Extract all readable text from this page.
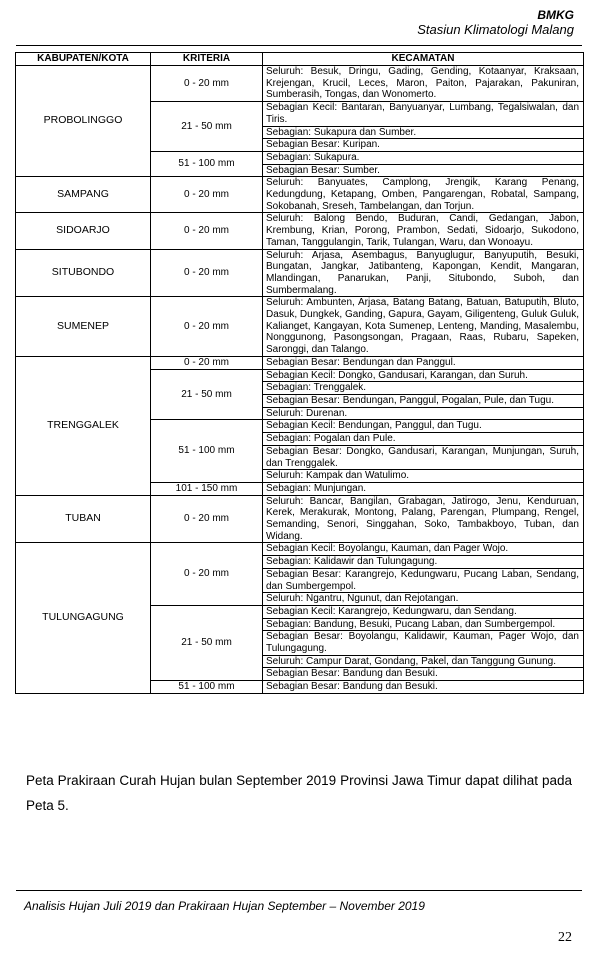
BMKG
Stasiun Klimatologi Malang
KABUPATEN/KOTA	KRITERIA	KECAMATAN
PROBOLINGGO	0 - 20 mm	Seluruh: Besuk, Dringu, Gading, Gending, Kotaanyar, Kraksaan, Krejengan, Krucil, Leces, Maron, Paiton, Pajarakan, Pakuniran, Sumberasih, Tongas, dan Wonomerto.
	21 - 50 mm	Sebagian Kecil: Bantaran, Banyuanyar, Lumbang, Tegalsiwalan, dan Tiris.
		Sebagian: Sukapura dan Sumber.
		Sebagian Besar: Kuripan.
	51 - 100 mm	Sebagian: Sukapura.
		Sebagian Besar: Sumber.
SAMPANG	0 - 20 mm	Seluruh: Banyuates, Camplong, Jrengik, Karang Penang, Kedungdung, Ketapang, Omben, Pangarengan, Robatal, Sampang, Sokobanah, Sreseh, Tambelangan, dan Torjun.
SIDOARJO	0 - 20 mm	Seluruh: Balong Bendo, Buduran, Candi, Gedangan, Jabon, Krembung, Krian, Porong, Prambon, Sedati, Sidoarjo, Sukodono, Taman, Tanggulangin, Tarik, Tulangan, Waru, dan Wonoayu.
SITUBONDO	0 - 20 mm	Seluruh: Arjasa, Asembagus, Banyuglugur, Banyuputih, Besuki, Bungatan, Jangkar, Jatibanteng, Kapongan, Kendit, Mangaran, Mlandingan, Panarukan, Panji, Situbondo, Suboh, dan Sumbermalang.
SUMENEP	0 - 20 mm	Seluruh: Ambunten, Arjasa, Batang Batang, Batuan, Batuputih, Bluto, Dasuk, Dungkek, Ganding, Gapura, Gayam, Giligenteng, Guluk Guluk, Kalianget, Kangayan, Kota Sumenep, Lenteng, Manding, Masalembu, Nonggunong, Pasongsongan, Pragaan, Raas, Rubaru, Sapeken, Saronggi, dan Talango.
TRENGGALEK	0 - 20 mm	Sebagian Besar: Bendungan dan Panggul.
	21 - 50 mm	Sebagian Kecil: Dongko, Gandusari, Karangan, dan Suruh.
		Sebagian: Trenggalek.
		Sebagian Besar: Bendungan, Panggul, Pogalan, Pule, dan Tugu.
		Seluruh: Durenan.
	51 - 100 mm	Sebagian Kecil: Bendungan, Panggul, dan Tugu.
		Sebagian: Pogalan dan Pule.
		Sebagian Besar: Dongko, Gandusari, Karangan, Munjungan, Suruh, dan Trenggalek.
		Seluruh: Kampak dan Watulimo.
	101 - 150 mm	Sebagian: Munjungan.
TUBAN	0 - 20 mm	Seluruh: Bancar, Bangilan, Grabagan, Jatirogo, Jenu, Kenduruan, Kerek, Merakurak, Montong, Palang, Parengan, Plumpang, Rengel, Semanding, Senori, Singgahan, Soko, Tambakboyo, Tuban, dan Widang.
TULUNGAGUNG	0 - 20 mm	Sebagian Kecil: Boyolangu, Kauman, dan Pager Wojo.
		Sebagian: Kalidawir dan Tulungagung.
		Sebagian Besar: Karangrejo, Kedungwaru, Pucang Laban, Sendang, dan Sumbergempol.
		Seluruh: Ngantru, Ngunut, dan Rejotangan.
	21 - 50 mm	Sebagian Kecil: Karangrejo, Kedungwaru, dan Sendang.
		Sebagian: Bandung, Besuki, Pucang Laban, dan Sumbergempol.
		Sebagian Besar: Boyolangu, Kalidawir, Kauman, Pager Wojo, dan Tulungagung.
		Seluruh: Campur Darat, Gondang, Pakel, dan Tanggung Gunung.
		Sebagian Besar: Bandung dan Besuki.
	51 - 100 mm	Sebagian Besar: Bandung dan Besuki.
Peta Prakiraan Curah Hujan bulan September 2019 Provinsi Jawa Timur dapat dilihat pada Peta 5.
Analisis Hujan Juli 2019 dan Prakiraan Hujan September – November 2019
22
